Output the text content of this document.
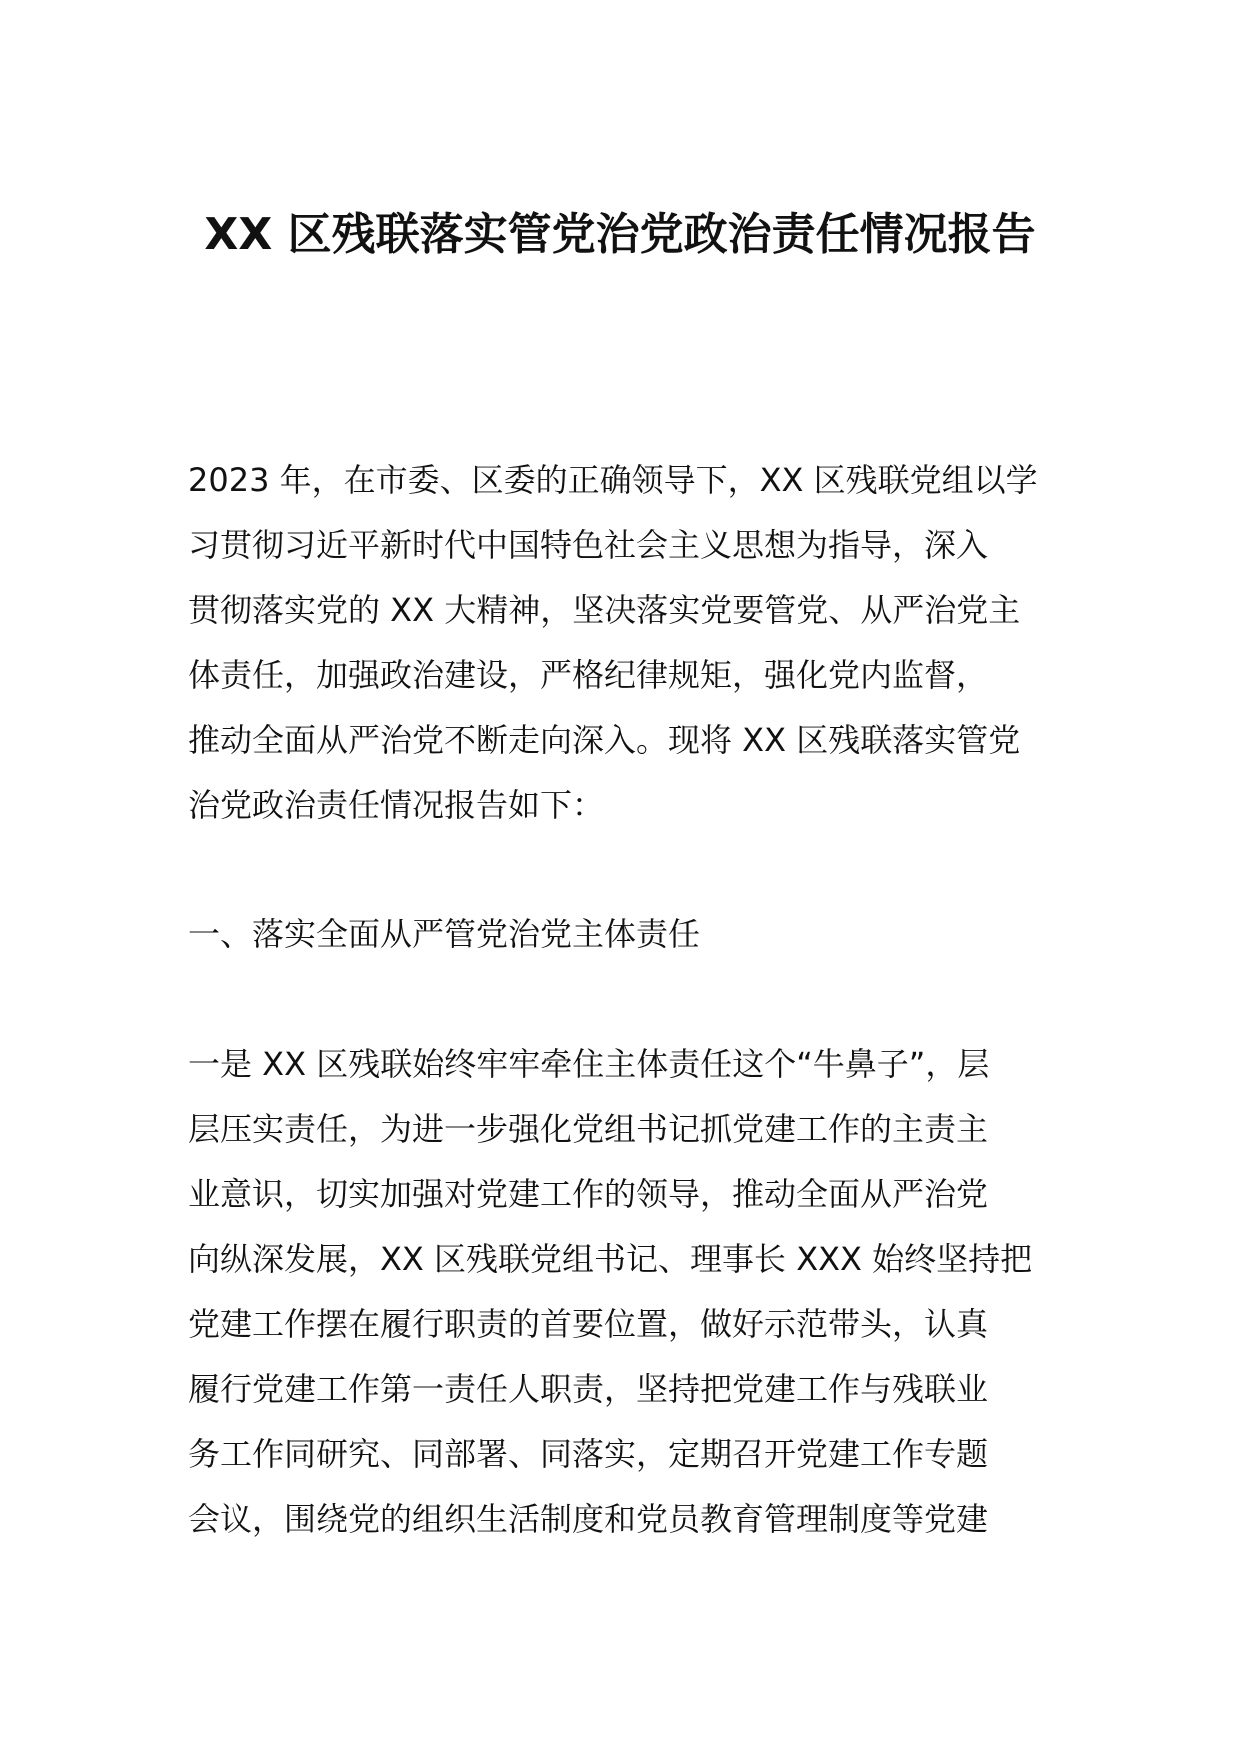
XX 区残联落实管党治党政治责任情况报告
2023 年，在市委、区委的正确领导下，XX 区残联党组以学
习贯彻习近平新时代中国特色社会主义思想为指导，深入
贯彻落实党的 XX 大精神，坚决落实党要管党、从严治党主
体责任，加强政治建设，严格纪律规矩，强化党内监督，
推动全面从严治党不断走向深入。现将 XX 区残联落实管党
治党政治责任情况报告如下：
一、落实全面从严管党治党主体责任
一是 XX 区残联始终牢牢牵住主体责任这个“牛鼻子”，层
层压实责任，为进一步强化党组书记抓党建工作的主责主
业意识，切实加强对党建工作的领导，推动全面从严治党
向纵深发展，XX 区残联党组书记、理事长 XXX 始终坚持把
党建工作摆在履行职责的首要位置，做好示范带头，认真
履行党建工作第一责任人职责，坚持把党建工作与残联业
务工作同研究、同部署、同落实，定期召开党建工作专题
会议，围绕党的组织生活制度和党员教育管理制度等党建
